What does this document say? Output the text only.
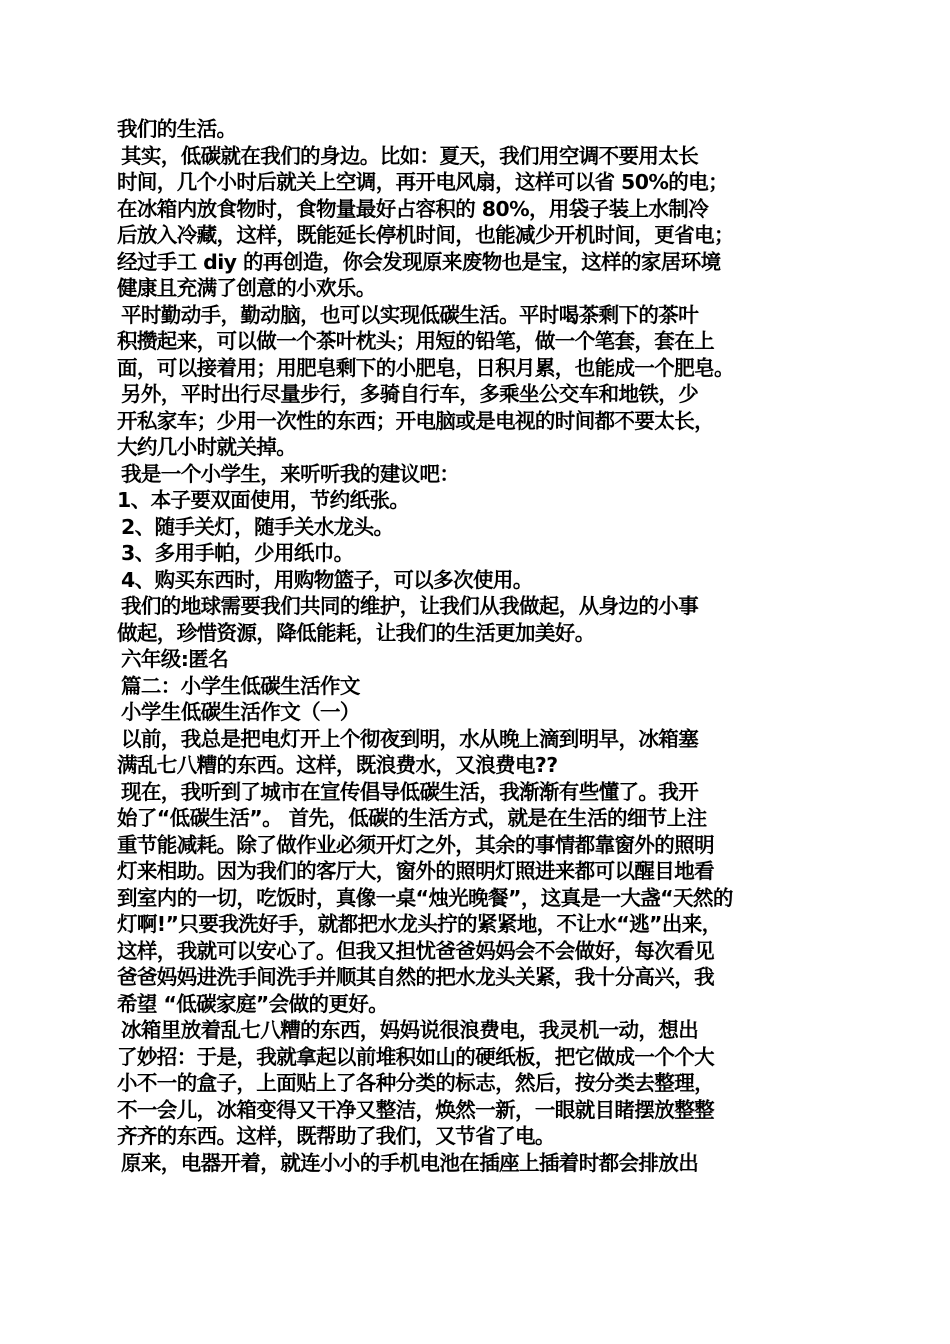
我们的生活。
其实，低碳就在我们的身边。比如：夏天，我们用空调不要用太长
时间，几个小时后就关上空调，再开电风扇，这样可以省 50%的电；
在冰箱内放食物时，食物量最好占容积的 80%，用袋子装上水制冷
后放入冷藏，这样，既能延长停机时间，也能减少开机时间，更省电；
经过手工 diy 的再创造，你会发现原来废物也是宝，这样的家居环境
健康且充满了创意的小欢乐。
平时勤动手，勤动脑，也可以实现低碳生活。平时喝茶剩下的茶叶
积攒起来，可以做一个茶叶枕头；用短的铅笔，做一个笔套，套在上
面，可以接着用；用肥皂剩下的小肥皂，日积月累，也能成一个肥皂。
另外，平时出行尽量步行，多骑自行车，多乘坐公交车和地铁，少
开私家车；少用一次性的东西；开电脑或是电视的时间都不要太长，
大约几小时就关掉。
我是一个小学生，来听听我的建议吧：
1、本子要双面使用，节约纸张。
2、随手关灯，随手关水龙头。
3、多用手帕，少用纸巾。
4、购买东西时，用购物篮子，可以多次使用。
我们的地球需要我们共同的维护，让我们从我做起，从身边的小事
做起，珍惜资源，降低能耗，让我们的生活更加美好。
六年级:匿名
篇二：小学生低碳生活作文
小学生低碳生活作文（一）
以前，我总是把电灯开上个彻夜到明，水从晚上滴到明早，冰箱塞
满乱七八糟的东西。这样，既浪费水，又浪费电??
现在，我听到了城市在宣传倡导低碳生活，我渐渐有些懂了。我开
始了“低碳生活”。 首先，低碳的生活方式，就是在生活的细节上注
重节能减耗。除了做作业必须开灯之外，其余的事情都靠窗外的照明
灯来相助。因为我们的客厅大，窗外的照明灯照进来都可以醒目地看
到室内的一切，吃饭时，真像一桌“烛光晚餐”，这真是一大盏“天然的
灯啊!”只要我洗好手，就都把水龙头拧的紧紧地，不让水“逃”出来，
这样，我就可以安心了。但我又担忧爸爸妈妈会不会做好，每次看见
爸爸妈妈进洗手间洗手并顺其自然的把水龙头关紧，我十分高兴，我
希望 “低碳家庭”会做的更好。
冰箱里放着乱七八糟的东西，妈妈说很浪费电，我灵机一动，想出
了妙招：于是，我就拿起以前堆积如山的硬纸板，把它做成一个个大
小不一的盒子，上面贴上了各种分类的标志，然后，按分类去整理，
不一会儿，冰箱变得又干净又整洁，焕然一新，一眼就目睹摆放整整
齐齐的东西。这样，既帮助了我们，又节省了电。
原来，电器开着，就连小小的手机电池在插座上插着时都会排放出
